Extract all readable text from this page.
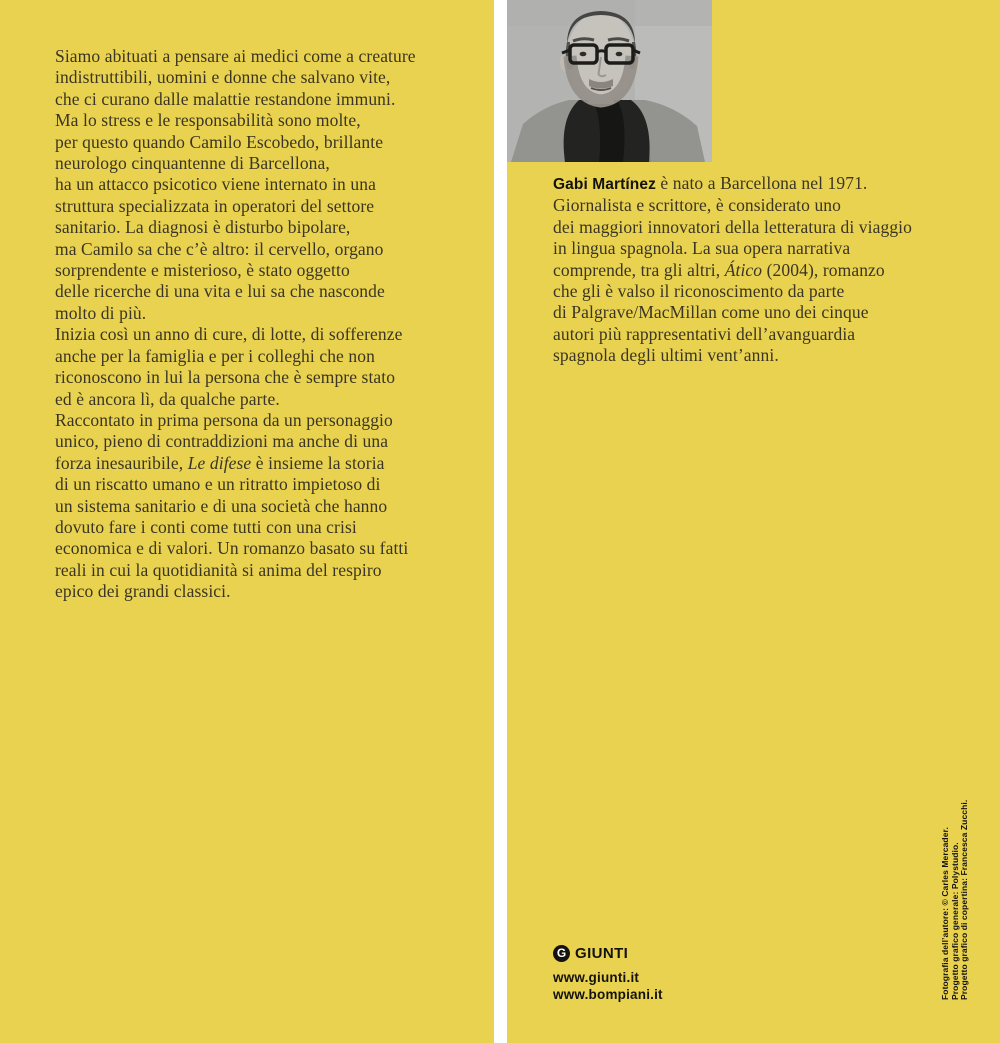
Siamo abituati a pensare ai medici come a creature
indistruttibili, uomini e donne che salvano vite,
che ci curano dalle malattie restandone immuni.
Ma lo stress e le responsabilità sono molte,
per questo quando Camilo Escobedo, brillante
neurologo cinquantenne di Barcellona,
ha un attacco psicotico viene internato in una
struttura specializzata in operatori del settore
sanitario. La diagnosi è disturbo bipolare,
ma Camilo sa che c’è altro: il cervello, organo
sorprendente e misterioso, è stato oggetto
delle ricerche di una vita e lui sa che nasconde
molto di più.
Inizia così un anno di cure, di lotte, di sofferenze
anche per la famiglia e per i colleghi che non
riconoscono in lui la persona che è sempre stato
ed è ancora lì, da qualche parte.
Raccontato in prima persona da un personaggio
unico, pieno di contraddizioni ma anche di una
forza inesauribile, Le difese è insieme la storia
di un riscatto umano e un ritratto impietoso di
un sistema sanitario e di una società che hanno
dovuto fare i conti come tutti con una crisi
economica e di valori. Un romanzo basato su fatti
reali in cui la quotidianità si anima del respiro
epico dei grandi classici.
Gabi Martínez è nato a Barcellona nel 1971.
Giornalista e scrittore, è considerato uno
dei maggiori innovatori della letteratura di viaggio
in lingua spagnola. La sua opera narrativa
comprende, tra gli altri, Ático (2004), romanzo
che gli è valso il riconoscimento da parte
di Palgrave/MacMillan come uno dei cinque
autori più rappresentativi dell’avanguardia
spagnola degli ultimi vent’anni.
G GIUNTI
www.giunti.it
www.bompiani.it	Fotografia dell’autore: © Carles Mercader. Progetto grafico generale: Polystudio. Progetto grafico di copertina: Francesca Zucchi.
